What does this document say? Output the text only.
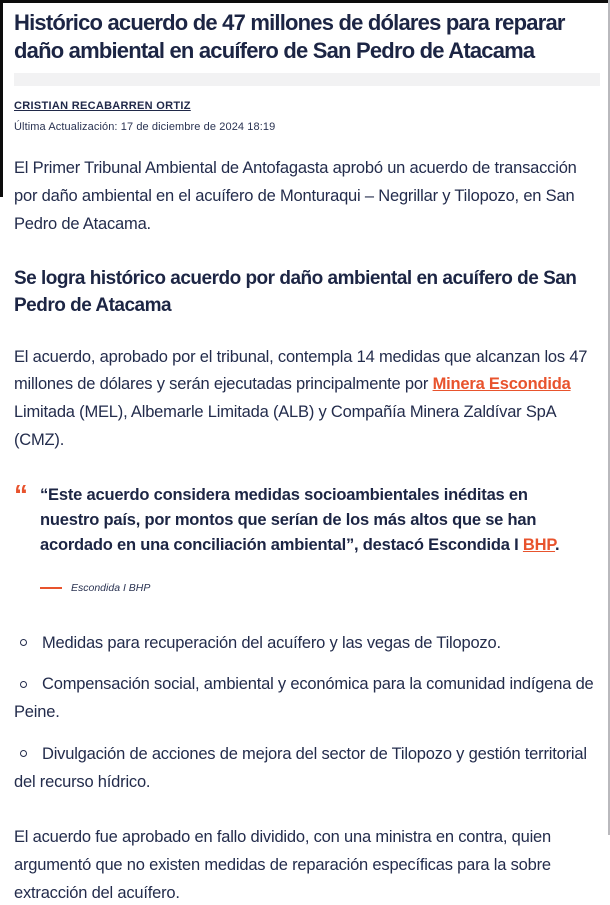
Histórico acuerdo de 47 millones de dólares para reparar daño ambiental en acuífero de San Pedro de Atacama
CRISTIAN RECABARREN ORTIZ
Última Actualización: 17 de diciembre de 2024 18:19

El Primer Tribunal Ambiental de Antofagasta aprobó un acuerdo de transacción por daño ambiental en el acuífero de Monturaqui – Negrillar y Tilopozo, en San Pedro de Atacama.

Se logra histórico acuerdo por daño ambiental en acuífero de San Pedro de Atacama

El acuerdo, aprobado por el tribunal, contempla 14 medidas que alcanzan los 47 millones de dólares y serán ejecutadas principalmente por Minera Escondida Limitada (MEL), Albemarle Limitada (ALB) y Compañía Minera Zaldívar SpA (CMZ).

“ “Este acuerdo considera medidas socioambientales inéditas en nuestro país, por montos que serían de los más altos que se han acordado en una conciliación ambiental”, destacó Escondida I BHP.
Escondida I BHP
Medidas para recuperación del acuífero y las vegas de Tilopozo.
Compensación social, ambiental y económica para la comunidad indígena de Peine.
Divulgación de acciones de mejora del sector de Tilopozo y gestión territorial del recurso hídrico.

El acuerdo fue aprobado en fallo dividido, con una ministra en contra, quien argumentó que no existen medidas de reparación específicas para la sobre extracción del acuífero.
